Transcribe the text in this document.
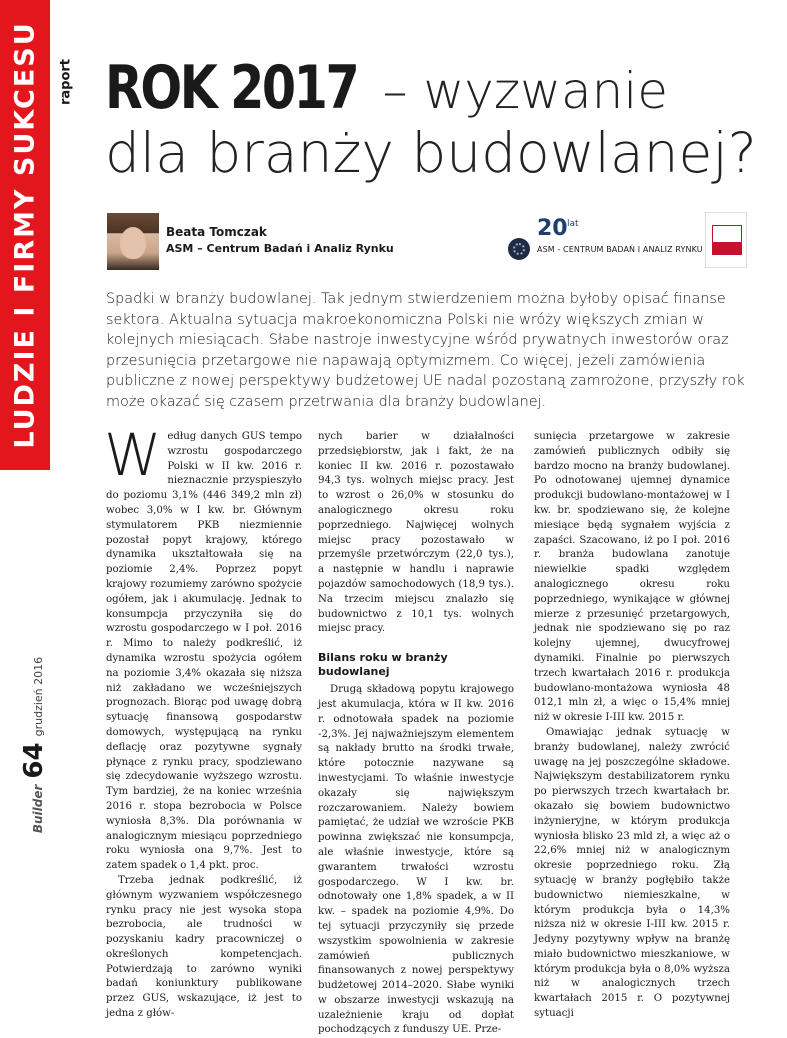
LUDZIE I FIRMY SUKCESU raport
Builder
64
grudzień 2016
ROK 2017 – wyzwanie
dla branży budowlanej?
Beata Tomczak
ASM – Centrum Badań i Analiz Rynku
20 lat
ASM - CENTRUM BADAŃ I ANALIZ RYNKU

Spadki w branży budowlanej. Tak jednym stwierdzeniem można byłoby opisać finanse sektora. Aktualna sytuacja makroekonomiczna Polski nie wróży większych zmian w kolejnych miesiącach. Słabe nastroje inwestycyjne wśród prywatnych inwestorów oraz przesunięcia przetargowe nie napawają optymizmem. Co więcej, jeżeli zamówienia publiczne z nowej perspektywy budżetowej UE nadal pozostaną zamrożone, przyszły rok może okazać się czasem przetrwania dla branży budowlanej.

Według danych GUS tempo wzrostu gospodarczego Polski w II kw. 2016 r. nieznacznie przyspieszyło do poziomu 3,1% (446 349,2 mln zł) wobec 3,0% w I kw. br. Głównym stymulatorem PKB niezmiennie pozostał popyt krajowy, którego dynamika ukształtowała się na poziomie 2,4%. Poprzez popyt krajowy rozumiemy zarówno spożycie ogółem, jak i akumulację. Jednak to konsumpcja przyczyniła się do wzrostu gospodarczego w I poł. 2016 r. Mimo to należy podkreślić, iż dynamika wzrostu spożycia ogółem na poziomie 3,4% okazała się niższa niż zakładano we wcześniejszych prognozach. Biorąc pod uwagę dobrą sytuację finansową gospodarstw domowych, występującą na rynku deflację oraz pozytywne sygnały płynące z rynku pracy, spodziewano się zdecydowanie wyższego wzrostu. Tym bardziej, że na koniec września 2016 r. stopa bezrobocia w Polsce wyniosła 8,3%. Dla porównania w analogicznym miesiącu poprzedniego roku wyniosła ona 9,7%. Jest to zatem spadek o 1,4 pkt. proc.

Trzeba jednak podkreślić, iż głównym wyzwaniem współczesnego rynku pracy nie jest wysoka stopa bezrobocia, ale trudności w pozyskaniu kadry pracowniczej o określonych kompetencjach. Potwierdzają to zarówno wyniki badań koniunktury publikowane przez GUS, wskazujące, iż jest to jedna z głów-

nych barier w działalności przedsiębiorstw, jak i fakt, że na koniec II kw. 2016 r. pozostawało 94,3 tys. wolnych miejsc pracy. Jest to wzrost o 26,0% w stosunku do analogicznego okresu roku poprzedniego. Najwięcej wolnych miejsc pracy pozostawało w przemyśle przetwórczym (22,0 tys.), a następnie w handlu i naprawie pojazdów samochodowych (18,9 tys.). Na trzecim miejscu znalazło się budownictwo z 10,1 tys. wolnych miejsc pracy.

Bilans roku w branży budowlanej

Drugą składową popytu krajowego jest akumulacja, która w II kw. 2016 r. odnotowała spadek na poziomie -2,3%. Jej najważniejszym elementem są nakłady brutto na środki trwałe, które potocznie nazywane są inwestycjami. To właśnie inwestycje okazały się największym rozczarowaniem. Należy bowiem pamiętać, że udział we wzroście PKB powinna zwiększać nie konsumpcja, ale właśnie inwestycje, które są gwarantem trwałości wzrostu gospodarczego. W I kw. br. odnotowały one 1,8% spadek, a w II kw. – spadek na poziomie 4,9%. Do tej sytuacji przyczyniły się przede wszystkim spowolnienia w zakresie zamówień publicznych finansowanych z nowej perspektywy budżetowej 2014–2020. Słabe wyniki w obszarze inwestycji wskazują na uzależnienie kraju od dopłat pochodzących z funduszy UE. Prze-

sunięcia przetargowe w zakresie zamówień publicznych odbiły się bardzo mocno na branży budowlanej. Po odnotowanej ujemnej dynamice produkcji budowlano-montażowej w I kw. br. spodziewano się, że kolejne miesiące będą sygnałem wyjścia z zapaści. Szacowano, iż po I poł. 2016 r. branża budowlana zanotuje niewielkie spadki względem analogicznego okresu roku poprzedniego, wynikające w głównej mierze z przesunięć przetargowych, jednak nie spodziewano się po raz kolejny ujemnej, dwucyfrowej dynamiki. Finalnie po pierwszych trzech kwartałach 2016 r. produkcja budowlano-montażowa wyniosła 48 012,1 mln zł, a więc o 15,4% mniej niż w okresie I-III kw. 2015 r.

Omawiając jednak sytuację w branży budowlanej, należy zwrócić uwagę na jej poszczególne składowe. Największym destabilizatorem rynku po pierwszych trzech kwartałach br. okazało się bowiem budownictwo inżynieryjne, w którym produkcja wyniosła blisko 23 mld zł, a więc aż o 22,6% mniej niż w analogicznym okresie poprzedniego roku. Złą sytuację w branży pogłębiło także budownictwo niemieszkalne, w którym produkcja była o 14,3% niższa niż w okresie I-III kw. 2015 r. Jedyny pozytywny wpływ na branżę miało budownictwo mieszkaniowe, w którym produkcja była o 8,0% wyższa niż w analogicznych trzech kwartałach 2015 r. O pozytywnej sytuacji
